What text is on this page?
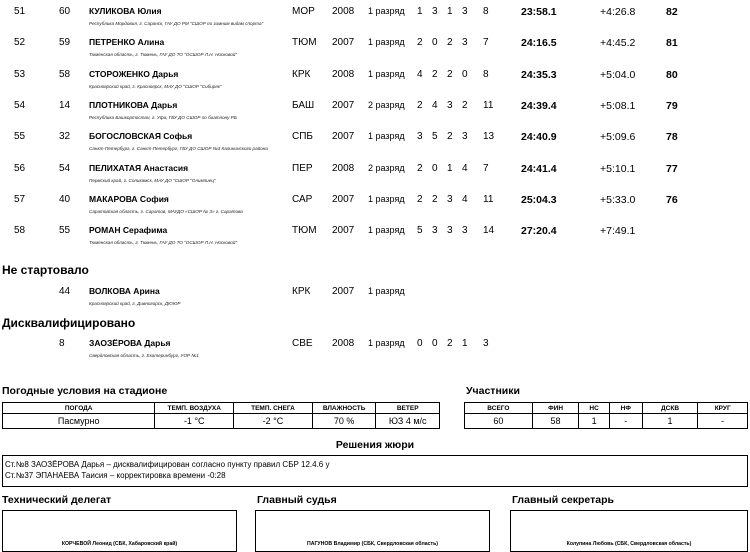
51	60 КУЛИКОВА Юлия
Республика Мордовия, г. Саранск, ГАУ ДО РМ "СШОР по зимним видам спорта"
МОР 2008 1 разряд 1 3 1 3 8	23:58.1	+4:26.8	82
52	59 ПЕТРЕНКО Алина
Тюменская область, г. Тюмень, ГАУ ДО ТО "ОСШОР Л.Н. Носковой"
ТЮМ 2007 1 разряд 2 0 2 3 7	24:16.5	+4:45.2	81
53	58 СТОРОЖЕНКО Дарья
Красноярский край, г. Красноярск, МАУ ДО "СШОР "Сибиряк"
КРК 2008 1 разряд 4 2 2 0 8	24:35.3	+5:04.0	80
54	14 ПЛОТНИКОВА Дарья
Республика Башкортостан, г. Уфа, ГБУ ДО СШОР по биатлону РБ
БАШ 2007 2 разряд 2 4 3 2 11	24:39.4	+5:08.1	79
55	32 БОГОСЛОВСКАЯ Софья
Санкт-Петербург, г. Санкт-Петербург, ГБУ ДО СШОР №3 Калининского района
СПБ 2007 1 разряд 3 5 2 3 13	24:40.9	+5:09.6	78
56	54 ПЕЛИХАТАЯ Анастасия
Пермский край, г. Соликамск, МАУ ДО "СШОР "Олимпиец"
ПЕР 2008 2 разряд 2 0 1 4 7	24:41.4	+5:10.1	77
57	40 МАКАРОВА София
Саратовская область, г. Саратов, МАУДО «СШОР № 3» г. Саратова
САР 2007 1 разряд 2 2 3 4 11	25:04.3	+5:33.0	76
58	55 РОМАН Серафима
Тюменская область, г. Тюмень, ГАУ ДО ТО "ОСШОР Л.Н. Носковой"
ТЮМ 2007 1 разряд 5 3 3 3 14	27:20.4	+7:49.1
Не стартовало
44 ВОЛКОВА Арина
Красноярский край, г. Дивногорск, ДЮЮР
КРК 2007 1 разряд
Дисквалифицировано
8	ЗАОЗЁРОВА Дарья
Свердловская область, г. Екатеринбург, УОР №1
СВЕ 2008 1 разряд 0 0 2 1 3
Погодные условия на стадионе
ПОГОДА	ТЕМП. ВОЗДУХА	ТЕМП. СНЕГА	ВЛАЖНОСТЬ	ВЕТЕР
Пасмурно	-1 °С	-2 °С	70 %	ЮЗ 4 м/с
Участники
ВСЕГО	ФИН	НС	НФ	ДСКВ	КРУГ
60	58	1	-	1	-
Решения жюри
Ст.№8 ЗАОЗЁРОВА Дарья – дисквалифицирован согласно пункту правил СБР 12.4.6 у
Ст.№37 ЭПАНАЕВА Таисия – корректировка времени -0:28
Технический делегат
КОРЧЕВОЙ Леонид (СБК, Хабаровский край)
Главный судья
ПАГУНОВ Владимир (СБК, Свердловская область)
Главный секретарь
Колупина Любовь (СБК, Свердловская область)
